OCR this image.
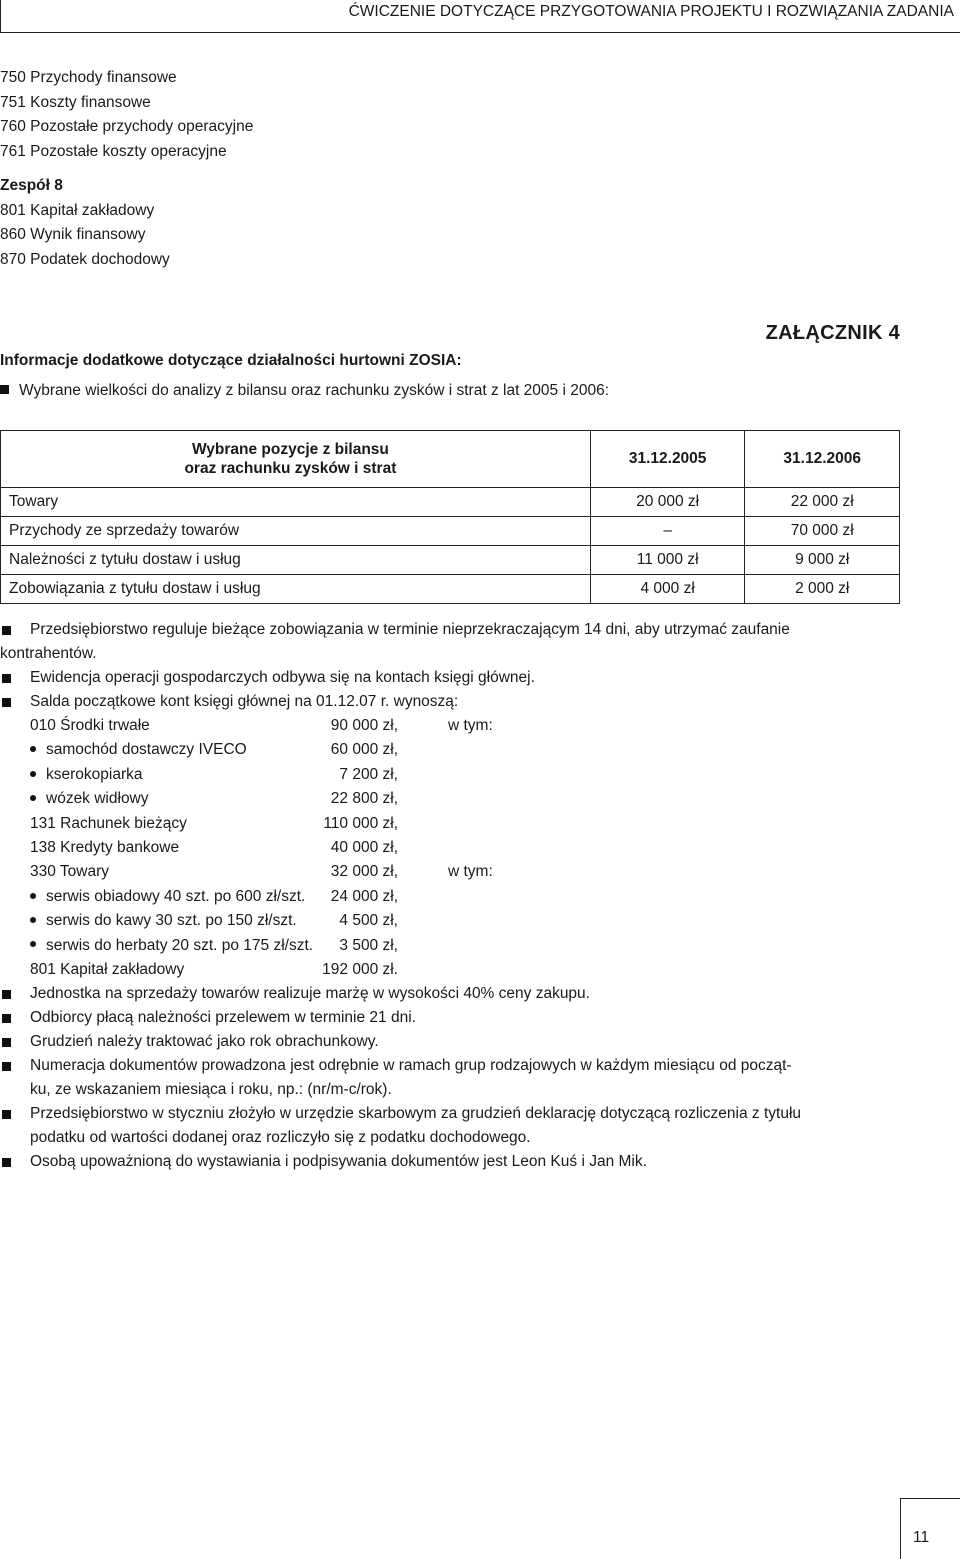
ĆWICZENIE DOTYCZĄCE PRZYGOTOWANIA PROJEKTU I ROZWIĄZANIA ZADANIA
750 Przychody finansowe
751 Koszty finansowe
760 Pozostałe przychody operacyjne
761 Pozostałe koszty operacyjne
Zespół 8
801 Kapitał zakładowy
860 Wynik finansowy
870 Podatek dochodowy
ZAŁĄCZNIK 4
Informacje dodatkowe dotyczące działalności hurtowni ZOSIA:
Wybrane wielkości do analizy z bilansu oraz rachunku zysków i strat z lat 2005 i 2006:
Wybrane pozycje z bilansu
oraz rachunku zysków i strat	31.12.2005	31.12.2006
Towary	20 000 zł	22 000 zł
Przychody ze sprzedaży towarów	–	70 000 zł
Należności z tytułu dostaw i usług	11 000 zł	9 000 zł
Zobowiązania z tytułu dostaw i usług	4 000 zł	2 000 zł
Przedsiębiorstwo reguluje bieżące zobowiązania w terminie nieprzekraczającym 14 dni, aby utrzymać zaufanie
kontrahentów.
Ewidencja operacji gospodarczych odbywa się na kontach księgi głównej.
Salda początkowe kont księgi głównej na 01.12.07 r. wynoszą:
010 Środki trwałe	90 000 zł,	w tym:
samochód dostawczy IVECO	60 000 zł,
kserokopiarka	7 200 zł,
wózek widłowy	22 800 zł,
131 Rachunek bieżący	110 000 zł,
138 Kredyty bankowe	40 000 zł,
330 Towary	32 000 zł,	w tym:
serwis obiadowy 40 szt. po 600 zł/szt. 24 000 zł,
serwis do kawy 30 szt. po 150 zł/szt.	4 500 zł,
serwis do herbaty 20 szt. po 175 zł/szt. 3 500 zł,
801 Kapitał zakładowy	192 000 zł.
Jednostka na sprzedaży towarów realizuje marżę w wysokości 40% ceny zakupu.
Odbiorcy płacą należności przelewem w terminie 21 dni.
Grudzień należy traktować jako rok obrachunkowy.
Numeracja dokumentów prowadzona jest odrębnie w ramach grup rodzajowych w każdym miesiącu od począt-
ku, ze wskazaniem miesiąca i roku, np.: (nr/m-c/rok).
Przedsiębiorstwo w styczniu złożyło w urzędzie skarbowym za grudzień deklarację dotyczącą rozliczenia z tytułu
podatku od wartości dodanej oraz rozliczyło się z podatku dochodowego.
Osobą upoważnioną do wystawiania i podpisywania dokumentów jest Leon Kuś i Jan Mik.
11
